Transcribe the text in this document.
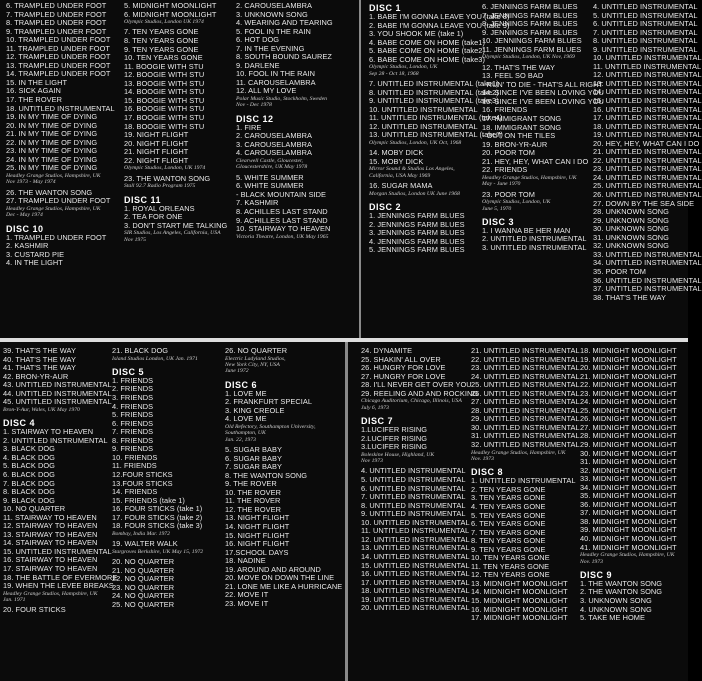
6. TRAMPLED UNDER FOOT
7. TRAMPLED UNDER FOOT
8. TRAMPLED UNDER FOOT
9. TRAMPLED UNDER FOOT
10. TRAMPLED UNDER FOOT
11. TRAMPLED UNDER FOOT
12. TRAMPLED UNDER FOOT
13. TRAMPLED UNDER FOOT
14. TRAMPLED UNDER FOOT
15. IN THE LIGHT
16. SICK AGAIN
17. THE ROVER
18. UNTITLED INSTRUMENTAL
19. IN MY TIME OF DYING
20. IN MY TIME OF DYING
21. IN MY TIME OF DYING
22. IN MY TIME OF DYING
23. IN MY TIME OF DYING
24. IN MY TIME OF DYING
25. IN MY TIME OF DYING
Headley Grange Studios, Hampshire, UK
Nov 1973 - May 1974
26. THE WANTON SONG
27. TRAMPLED UNDER FOOT
Headley Grange Studios, Hampshire, UK
Dec - May 1974
DISC 10
1. TRAMPLED UNDER FOOT
2. KASHMIR
3. CUSTARD PIE
4. IN THE LIGHT
5. MIDNIGHT MOONLIGHT
6. MIDNIGHT MOONLIGHT
Olympic Studios, London UK 1974
7. TEN YEARS GONE
8. TEN YEARS GONE
9. TEN YEARS GONE
10. TEN YEARS GONE
11. BOOGIE WITH STU
12. BOOGIE WITH STU
13. BOOGIE WITH STU
14. BOOGIE WITH STU
15. BOOGIE WITH STU
16. BOOGIE WITH STU
17. BOOGIE WITH STU
18. BOOGIE WITH STU
19. NIGHT FLIGHT
20. NIGHT FLIGHT
21. NIGHT FLIGHT
22. NIGHT FLIGHT
Olympic Studios, London, UK 1974
23. THE WANTON SONG
Stall 92.7 Radio Program 1975
DISC 11
1. ROYAL ORLEANS
2. TEA FOR ONE
3. DON'T START ME TALKING
SIR Studios, Los Angeles, California, USA
Nov 1975
2. CAROUSELAMBRA
3. UNKNOWN SONG
4. WEARING AND TEARING
5. FOOL IN THE RAIN
6. HOT DOG
7. IN THE EVENING
8. SOUTH BOUND SAUREZ
9. DARLENE
10. FOOL IN THE RAIN
11. CAROUSELAMBRA
12. ALL MY LOVE
Polar Music Studio, Stockholm, Sweden
Nov - Dec 1978
DISC 12
1. FIRE
2. CAROUSELAMBRA
3. CAROUSELAMBRA
4. CAROUSELAMBRA
Clearwell Castle, Gloucester,
Gloucestershire, UK May 1978
5. WHITE SUMMER
6. WHITE SUMMER
- BLACK MOUNTAIN SIDE
7. KASHMIR
8. ACHILLES LAST STAND
9. ACHILLES LAST STAND
10. STAIRWAY TO HEAVEN
Victoria Theatre, London, UK May 1965
DISC 1
1. BABE I'M GONNA LEAVE YOU (take 8)
2. BABE I'M GONNA LEAVE YOU (take 9)
3. YOU SHOOK ME (take 1)
4. BABE COME ON HOME (take1)
5. BABE COME ON HOME (take2)
6. BABE COME ON HOME (take3)
Olympic Studios, London, UK
Sep 28 - Oct 18, 1968
7. UNTITLED INSTRUMENTAL (take1)
8. UNTITLED INSTRUMENTAL (take2)
9. UNTITLED INSTRUMENTAL (take3)
10. UNTITLED INSTRUMENTAL
11. UNTITLED INSTRUMENTAL (take4)
12. UNTITLED INSTRUMENTAL
13. UNTITLED INSTRUMENTAL (take7)
Olympic Studios, London, UK Oct, 1968
14. MOBY DICK
15. MOBY DICK
Mirror Sound & Studios Los Angeles,
California, USA May 1969
16. SUGAR MAMA
Morgan Studios, London UK June 1968
DISC 2
1. JENNINGS FARM BLUES
2. JENNINGS FARM BLUES
3. JENNINGS FARM BLUES
4. JENNINGS FARM BLUES
5. JENNINGS FARM BLUES
6. JENNINGS FARM BLUES
7. JENNINGS FARM BLUES
8. JENNINGS FARM BLUES
9. JENNINGS FARM BLUES
10. JENNINGS FARM BLUES
11. JENNINGS FARM BLUES
Olympic Studios, London, UK Nov, 1969
12. THAT'S THE WAY
13. FEEL SO BAD
- RUN' TO DIE - THAT'S ALL RIGHT
14. SINCE I'VE BEEN LOVING YOU
15. SINCE I'VE BEEN LOVING YOU
16. FRIENDS
17. IMMIGRANT SONG
18. IMMIGRANT SONG
- OUT ON THE TILES
19. BRON-YR-AUR
20. POOR TOM
21. HEY, HEY, WHAT CAN I DO
22. FRIENDS
Headley Grange Studios, Hampshire, UK
May - June 1970
23. POOR TOM
Olympic Studios, London, UK
June 5, 1970
DISC 3
1. I WANNA BE HER MAN
2. UNTITLED INSTRUMENTAL
3. UNTITLED INSTRUMENTAL
4. UNTITLED INSTRUMENTAL
5. UNTITLED INSTRUMENTAL
6. UNTITLED INSTRUMENTAL
7. UNTITLED INSTRUMENTAL
8. UNTITLED INSTRUMENTAL
9. UNTITLED INSTRUMENTAL
10. UNTITLED INSTRUMENTAL
11. UNTITLED INSTRUMENTAL
12. UNTITLED INSTRUMENTAL
13. UNTITLED INSTRUMENTAL
14. UNTITLED INSTRUMENTAL
15. UNTITLED INSTRUMENTAL
16. UNTITLED INSTRUMENTAL
17. UNTITLED INSTRUMENTAL
18. UNTITLED INSTRUMENTAL
19. UNTITLED INSTRUMENTAL
20. HEY, HEY, WHAT CAN I DO
21. UNTITLED INSTRUMENTAL
22. UNTITLED INSTRUMENTAL
23. UNTITLED INSTRUMENTAL
24. UNTITLED INSTRUMENTAL
25. UNTITLED INSTRUMENTAL
26. UNTITLED INSTRUMENTAL
27. DOWN BY THE SEA SIDE
28. UNKNOWN SONG
29. UNKNOWN SONG
30. UNKNOWN SONG
31. UNKNOWN SONG
32. UNKNOWN SONG
33. UNTITLED INSTRUMENTAL
34. UNTITLED INSTRUMENTAL
35. POOR TOM
36. UNTITLED INSTRUMENTAL
37. UNTITLED INSTRUMENTAL
38. THAT'S THE WAY
39. THAT'S THE WAY
40. THAT'S THE WAY
41. THAT'S THE WAY
42. BRON-YR-AUR
43. UNTITLED INSTRUMENTAL
44. UNTITLED INSTRUMENTAL
45. UNTITLED INSTRUMENTAL
Bron-Y-Aur, Wales, UK May 1970
DISC 4
1. STAIRWAY TO HEAVEN
2. UNTITLED INSTRUMENTAL
3. BLACK DOG
4. BLACK DOG
5. BLACK DOG
6. BLACK DOG
7. BLACK DOG
8. BLACK DOG
9. BLACK DOG
10. NO QUARTER
11. STAIRWAY TO HEAVEN
12. STAIRWAY TO HEAVEN
13. STAIRWAY TO HEAVEN
14. STAIRWAY TO HEAVEN
15. UNTITLED INSTRUMENTAL
16. STAIRWAY TO HEAVEN
17. STAIRWAY TO HEAVEN
18. THE BATTLE OF EVERMORE
19. WHEN THE LEVEE BREAKS
Headley Grange Studios, Hampshire, UK
Jan. 1971
20. FOUR STICKS
21. BLACK DOG
Island Studios London, UK Jan. 1971
DISC 5
1. FRIENDS
2. FRIENDS
3. FRIENDS
4. FRIENDS
5. FRIENDS
6. FRIENDS
7. FRIENDS
8. FRIENDS
9. FRIENDS
10. FRIENDS
11. FRIENDS
12.FOUR STICKS
13.FOUR STICKS
14. FRIENDS
15. FRIENDS (take 1)
16. FOUR STICKS (take 1)
17. FOUR STICKS (take 2)
18. FOUR STICKS (take 3)
Bombay, India Mar. 1972
19. WALTER WALK
Stargroves Berkshire, UK May 15, 1972
20. NO QUARTER
21. NO QUARTER
22. NO QUARTER
23. NO QUARTER
24. NO QUARTER
25. NO QUARTER
26. NO QUARTER
Electric Ladyland Studios,
New York City, NY, USA
June 1972
DISC 6
1. LOVE ME
2. FRANKFURT SPECIAL
3. KING CREOLE
4. LOVE ME
Old Refectory, Southampton University,
Southampton, UK
Jan. 22, 1973
5. SUGAR BABY
6. SUGAR BABY
7. SUGAR BABY
8. THE WANTON SONG
9. THE ROVER
10. THE ROVER
11. THE ROVER
12. THE ROVER
13. NIGHT FLIGHT
14. NIGHT FLIGHT
15. NIGHT FLIGHT
16. NIGHT FLIGHT
17.SCHOOL DAYS
18. NADINE
19. AROUND AND AROUND
20. MOVE ON DOWN THE LINE
21. LONE ME LIKE A HURRICANE
22. MOVE IT
23. MOVE IT
24. DYNAMITE
25. SHAKIN' ALL OVER
26. HUNGRY FOR LOVE
27. HUNGRY FOR LOVE
28. I'LL NEVER GET OVER YOU
29. REELING AND AND ROCKING
Chicago Auditorium, Chicago, Illinois, USA
July 6, 1973
DISC 7
1.LUCIFER RISING
2.LUCIFER RISING
3.LUCIFER RISING
Boleskine House, Highland, UK
Nov 1973
4. UNTITLED INSTRUMENTAL
5. UNTITLED INSTRUMENTAL
6. UNTITLED INSTRUMENTAL
7. UNTITLED INSTRUMENTAL
8. UNTITLED INSTRUMENTAL
9. UNTITLED INSTRUMENTAL
10. UNTITLED INSTRUMENTAL
11. UNTITLED INSTRUMENTAL
12. UNTITLED INSTRUMENTAL
13. UNTITLED INSTRUMENTAL
14. UNTITLED INSTRUMENTAL
15. UNTITLED INSTRUMENTAL
16. UNTITLED INSTRUMENTAL
17. UNTITLED INSTRUMENTAL
18. UNTITLED INSTRUMENTAL
19. UNTITLED INSTRUMENTAL
20. UNTITLED INSTRUMENTAL
21. UNTITLED INSTRUMENTAL
22. UNTITLED INSTRUMENTAL
23. UNTITLED INSTRUMENTAL
24. UNTITLED INSTRUMENTAL
25. UNTITLED INSTRUMENTAL
26. UNTITLED INSTRUMENTAL
27. UNTITLED INSTRUMENTAL
28. UNTITLED INSTRUMENTAL
29. UNTITLED INSTRUMENTAL
30. UNTITLED INSTRUMENTAL
31. UNTITLED INSTRUMENTAL
32. UNTITLED INSTRUMENTAL
Headley Grange Studios, Hampshire, UK
Nov. 1973
DISC 8
1. UNTITLED INSTRUMENTAL
2. TEN YEARS GONE
3. TEN YEARS GONE
4. TEN YEARS GONE
5. TEN YEARS GONE
6. TEN YEARS GONE
7. TEN YEARS GONE
8. TEN YEARS GONE
9. TEN YEARS GONE
10. TEN YEARS GONE
11. TEN YEARS GONE
12. TEN YEARS GONE
13. MIDNIGHT MOONLIGHT
14. MIDNIGHT MOONLIGHT
15. MIDNIGHT MOONLIGHT
16. MIDNIGHT MOONLIGHT
17. MIDNIGHT MOONLIGHT
18. MIDNIGHT MOONLIGHT
19. MIDNIGHT MOONLIGHT
20. MIDNIGHT MOONLIGHT
21. MIDNIGHT MOONLIGHT
22. MIDNIGHT MOONLIGHT
23. MIDNIGHT MOONLIGHT
24. MIDNIGHT MOONLIGHT
25. MIDNIGHT MOONLIGHT
26. MIDNIGHT MOONLIGHT
27. MIDNIGHT MOONLIGHT
28. MIDNIGHT MOONLIGHT
29. MIDNIGHT MOONLIGHT
30. MIDNIGHT MOONLIGHT
31. MIDNIGHT MOONLIGHT
32. MIDNIGHT MOONLIGHT
33. MIDNIGHT MOONLIGHT
34. MIDNIGHT MOONLIGHT
35. MIDNIGHT MOONLIGHT
36. MIDNIGHT MOONLIGHT
37. MIDNIGHT MOONLIGHT
38. MIDNIGHT MOONLIGHT
39. MIDNIGHT MOONLIGHT
40. MIDNIGHT MOONLIGHT
41. MIDNIGHT MOONLIGHT
Headley Grange Studios, Hampshire, UK
Nov. 1973
DISC 9
1. THE WANTON SONG
2. THE WANTON SONG
3. UNKNOWN SONG
4. UNKNOWN SONG
5. TAKE ME HOME
